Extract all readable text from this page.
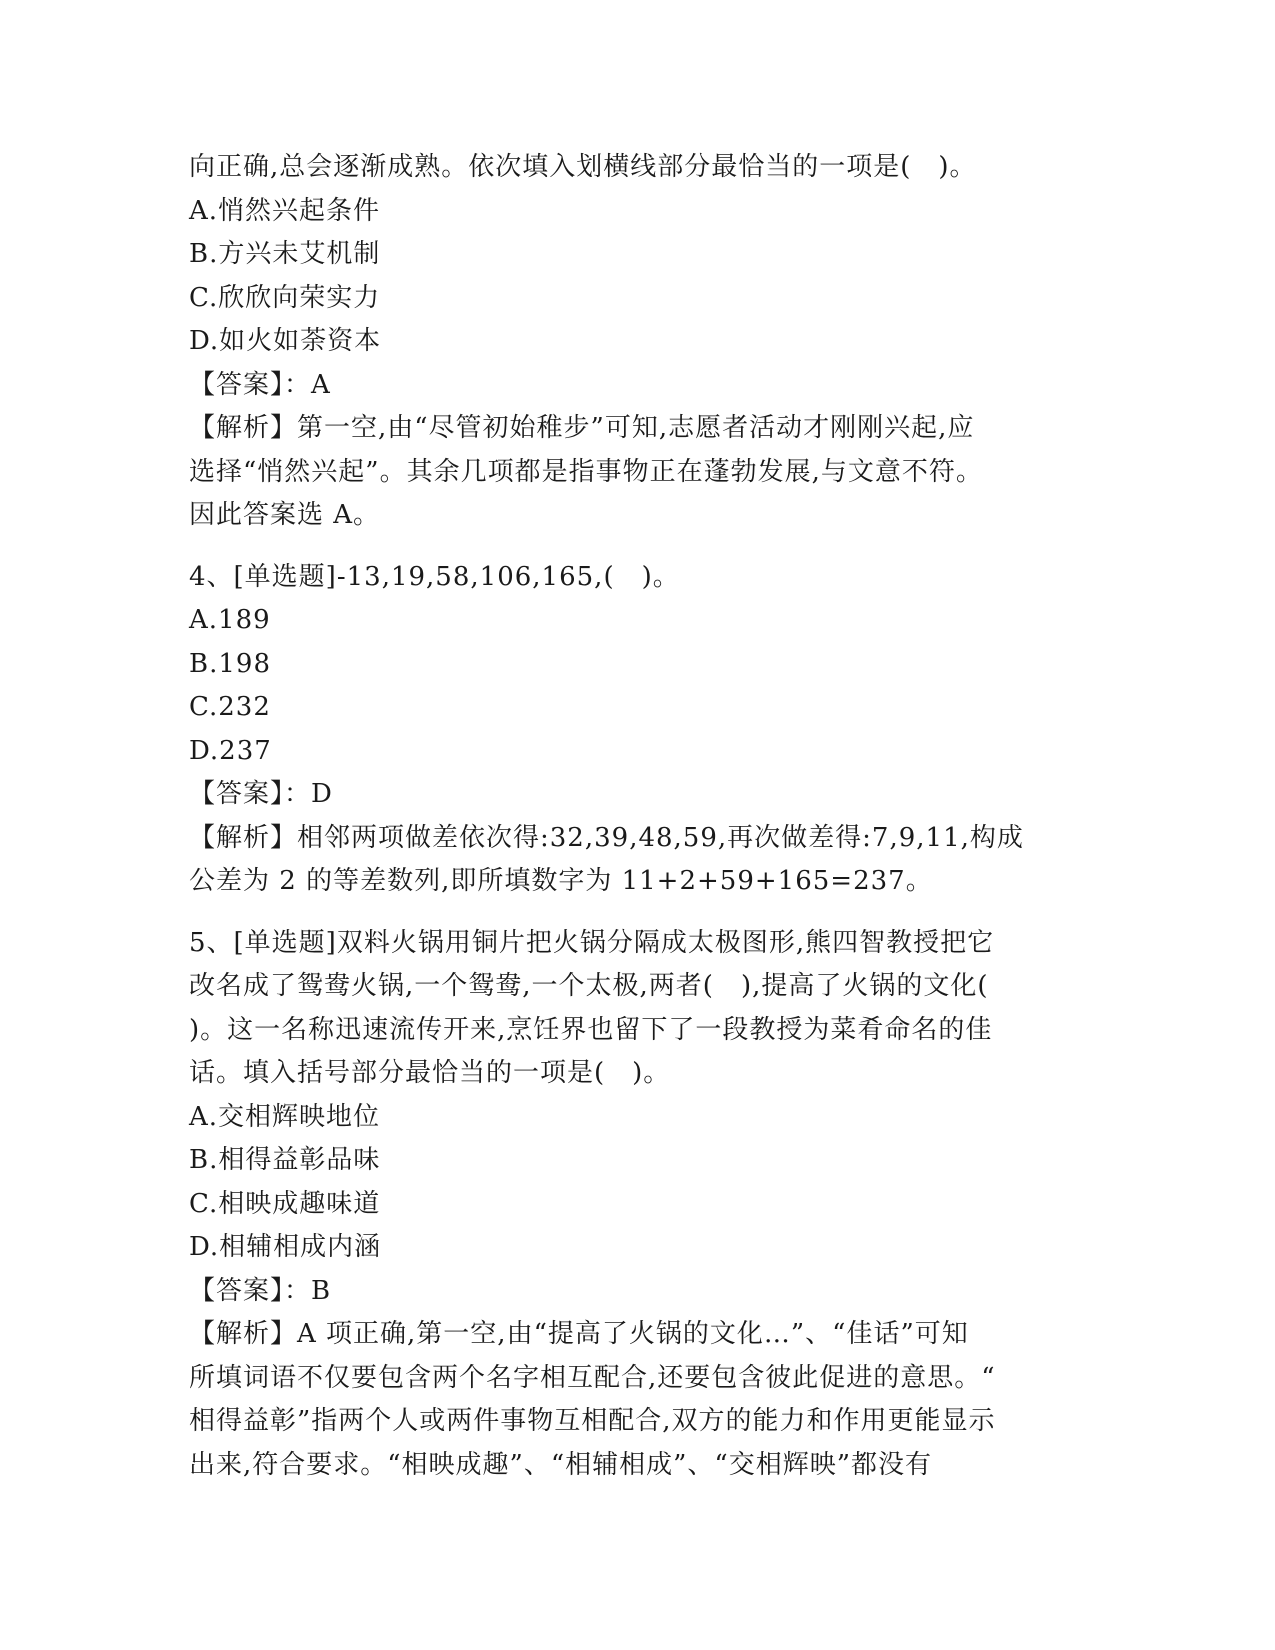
向正确,总会逐渐成熟。依次填入划横线部分最恰当的一项是(　)。
A.悄然兴起条件
B.方兴未艾机制
C.欣欣向荣实力
D.如火如荼资本
【答案】：A
【解析】第一空,由“尽管初始稚步”可知,志愿者活动才刚刚兴起,应
选择“悄然兴起”。其余几项都是指事物正在蓬勃发展,与文意不符。
因此答案选 A。
4、[单选题]-13,19,58,106,165,(　)。
A.189
B.198
C.232
D.237
【答案】：D
【解析】相邻两项做差依次得:32,39,48,59,再次做差得:7,9,11,构成
公差为 2 的等差数列,即所填数字为 11+2+59+165=237。
5、[单选题]双料火锅用铜片把火锅分隔成太极图形,熊四智教授把它
改名成了鸳鸯火锅,一个鸳鸯,一个太极,两者(　),提高了火锅的文化(
)。这一名称迅速流传开来,烹饪界也留下了一段教授为菜肴命名的佳
话。填入括号部分最恰当的一项是(　)。
A.交相辉映地位
B.相得益彰品味
C.相映成趣味道
D.相辅相成内涵
【答案】：B
【解析】A 项正确,第一空,由“提高了火锅的文化…”、“佳话”可知
所填词语不仅要包含两个名字相互配合,还要包含彼此促进的意思。“
相得益彰”指两个人或两件事物互相配合,双方的能力和作用更能显示
出来,符合要求。“相映成趣”、“相辅相成”、“交相辉映”都没有
